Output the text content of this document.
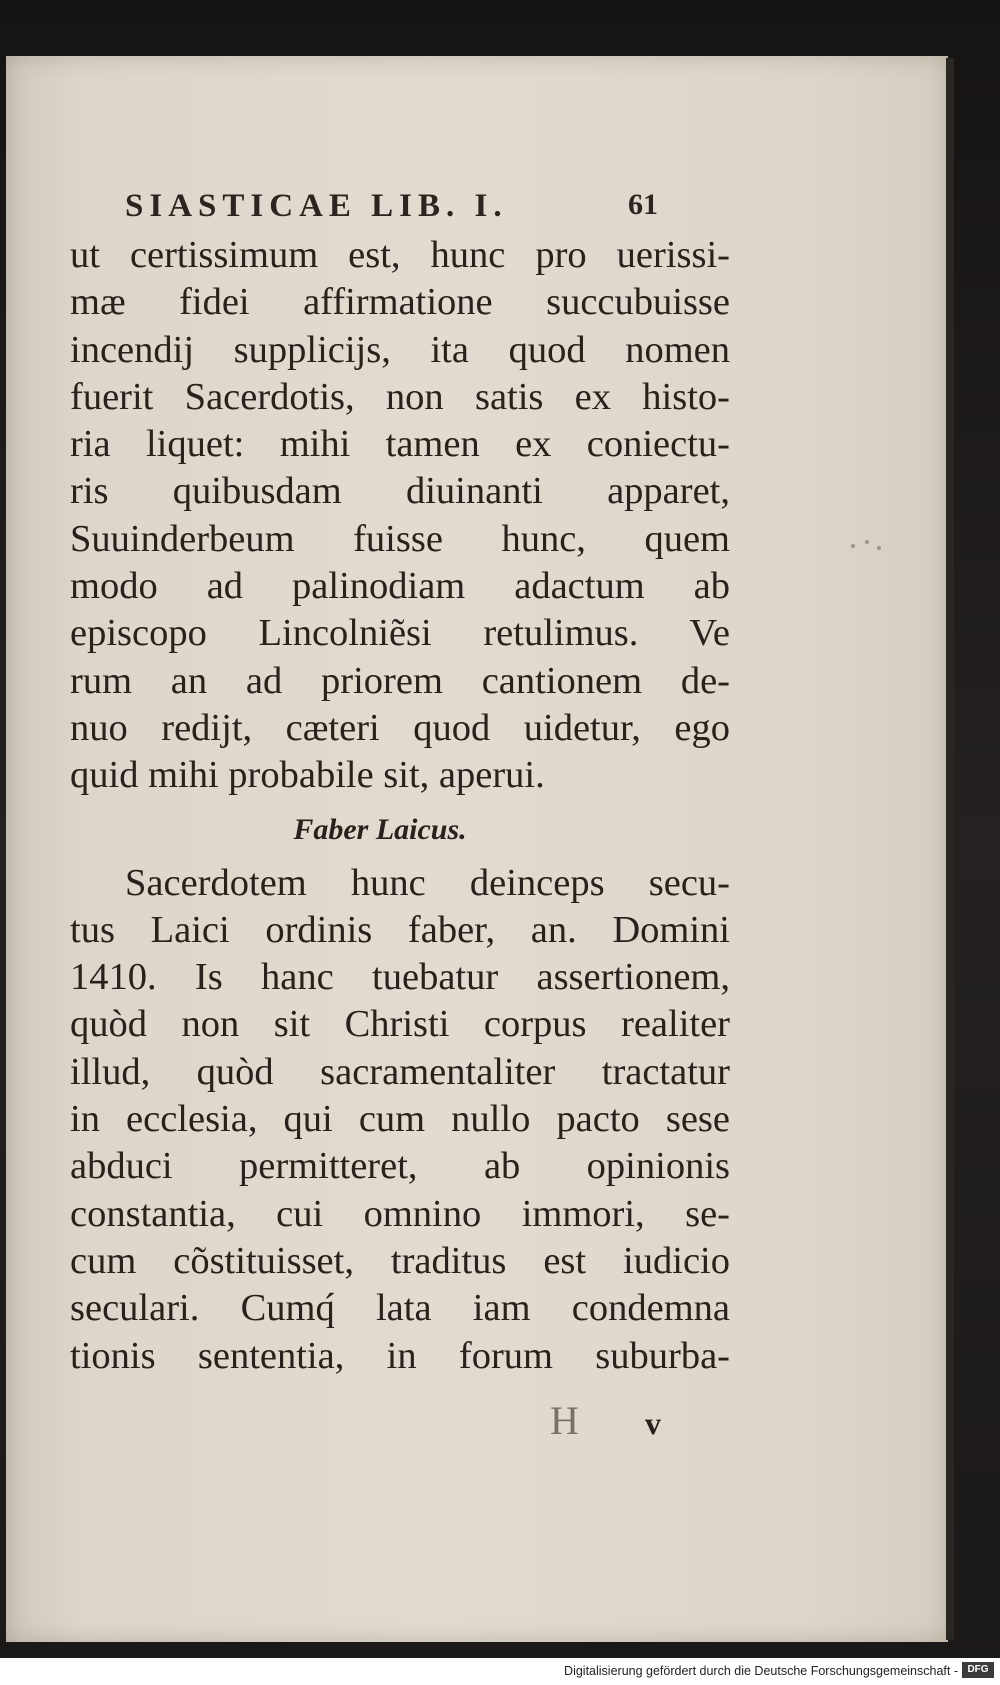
SIASTICAE LIB. I.	61
ut certissimum est, hunc pro uerissi-
mæ fidei affirmatione succubuisse
incendij supplicijs, ita quod nomen
fuerit Sacerdotis, non satis ex histo-
ria liquet: mihi tamen ex coniectu-
ris quibusdam diuinanti apparet,
Suuinderbeum fuisse hunc, quem
modo ad palinodiam adactum ab
episcopo Lincolniẽsi retulimus. Ve
rum an ad priorem cantionem de-
nuo redijt, cæteri quod uidetur, ego
quid mihi probabile sit, aperui.
Faber Laicus.
Sacerdotem hunc deinceps secu-
tus Laici ordinis faber, an. Domini
1410. Is hanc tuebatur assertionem,
quòd non sit Christi corpus realiter
illud, quòd sacramentaliter tractatur
in ecclesia, qui cum nullo pacto sese
abduci permitteret, ab opinionis
constantia, cui omnino immori, se-
cum cõstituisset, traditus est iudicio
seculari. Cumq́ lata iam condemna
tionis sententia, in forum suburba-
H v
Digitalisierung gefördert durch die Deutsche Forschungsgemeinschaft - DFG
